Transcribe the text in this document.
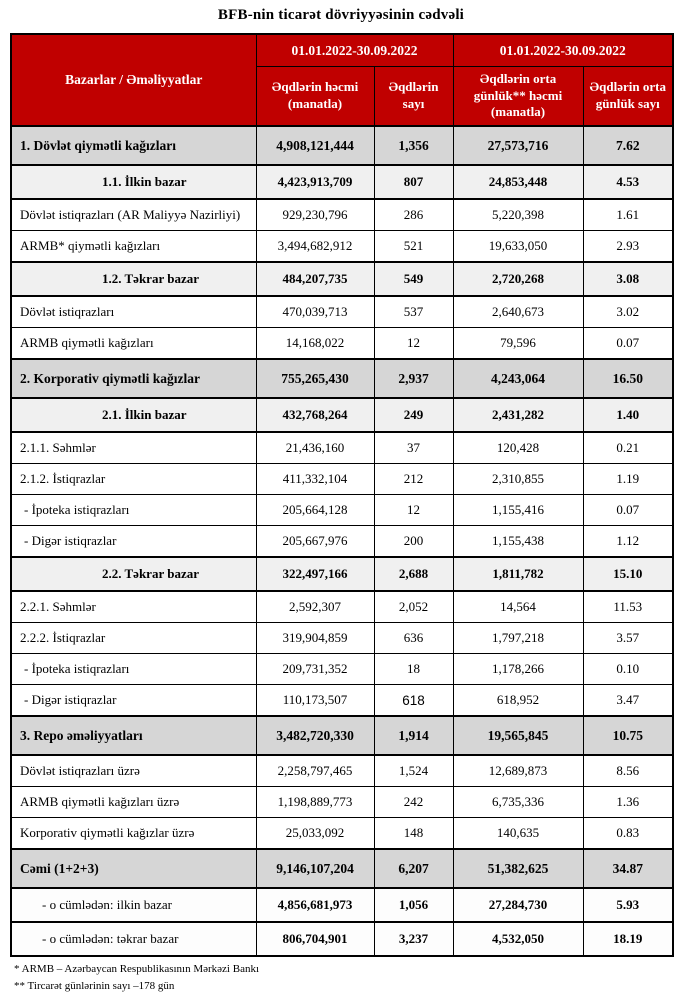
BFB-nin ticarət dövriyyəsinin cədvəli
Bazarlar / Əməliyyatlar	01.01.2022-30.09.2022		01.01.2022-30.09.2022	
	Əqdlərin həcmi (manatla)	Əqdlərin sayı	Əqdlərin orta günlük** həcmi (manatla)	Əqdlərin orta günlük sayı
1. Dövlət qiymətli kağızları	4,908,121,444	1,356	27,573,716	7.62
1.1. İlkin bazar	4,423,913,709	807	24,853,448	4.53
Dövlət istiqrazları (AR Maliyyə Nazirliyi)	929,230,796	286	5,220,398	1.61
ARMB* qiymətli kağızları	3,494,682,912	521	19,633,050	2.93
1.2. Təkrar bazar	484,207,735	549	2,720,268	3.08
Dövlət istiqrazları	470,039,713	537	2,640,673	3.02
ARMB qiymətli kağızları	14,168,022	12	79,596	0.07
2. Korporativ qiymətli kağızlar	755,265,430	2,937	4,243,064	16.50
2.1. İlkin bazar	432,768,264	249	2,431,282	1.40
2.1.1. Səhmlər	21,436,160	37	120,428	0.21
2.1.2. İstiqrazlar	411,332,104	212	2,310,855	1.19
- İpoteka istiqrazları	205,664,128	12	1,155,416	0.07
- Digər istiqrazlar	205,667,976	200	1,155,438	1.12
2.2. Təkrar bazar	322,497,166	2,688	1,811,782	15.10
2.2.1. Səhmlər	2,592,307	2,052	14,564	11.53
2.2.2. İstiqrazlar	319,904,859	636	1,797,218	3.57
- İpoteka istiqrazları	209,731,352	18	1,178,266	0.10
- Digər istiqrazlar	110,173,507	618	618,952	3.47
3. Repo əməliyyatları	3,482,720,330	1,914	19,565,845	10.75
Dövlət istiqrazları üzrə	2,258,797,465	1,524	12,689,873	8.56
ARMB qiymətli kağızları üzrə	1,198,889,773	242	6,735,336	1.36
Korporativ qiymətli kağızlar üzrə	25,033,092	148	140,635	0.83
Cəmi (1+2+3)	9,146,107,204	6,207	51,382,625	34.87
- o cümlədən: ilkin bazar	4,856,681,973	1,056	27,284,730	5.93
- o cümlədən: təkrar bazar	806,704,901	3,237	4,532,050	18.19
* ARMB – Azərbaycan Respublikasının Mərkəzi Bankı
** Tircarət günlərinin sayı –178 gün
